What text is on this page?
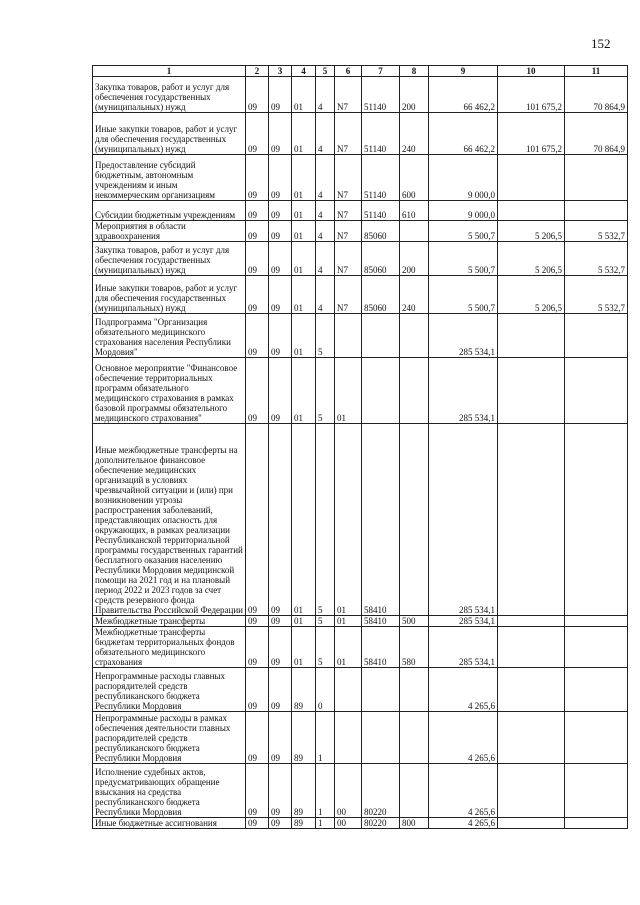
152
1	2	3	4	5	6	7	8	9	10	11
Закупка товаров, работ и услуг для обеспечения государственных (муниципальных) нужд	09	09	01	4	N7	51140	200	66 462,2	101 675,2	70 864,9
Иные закупки товаров, работ и услуг для обеспечения государственных (муниципальных) нужд	09	09	01	4	N7	51140	240	66 462,2	101 675,2	70 864,9
Предоставление субсидий бюджетным, автономным учреждениям и иным некоммерческим организациям	09	09	01	4	N7	51140	600	9 000,0		
Субсидии бюджетным учреждениям	09	09	01	4	N7	51140	610	9 000,0		
Мероприятия в области здравоохранения	09	09	01	4	N7	85060		5 500,7	5 206,5	5 532,7
Закупка товаров, работ и услуг для обеспечения государственных (муниципальных) нужд	09	09	01	4	N7	85060	200	5 500,7	5 206,5	5 532,7
Иные закупки товаров, работ и услуг для обеспечения государственных (муниципальных) нужд	09	09	01	4	N7	85060	240	5 500,7	5 206,5	5 532,7
Подпрограмма "Организация обязательного медицинского страхования населения Республики Мордовия"	09	09	01	5				285 534,1		
Основное мероприятие "Финансовое обеспечение территориальных программ обязательного медицинского страхования в рамках базовой программы обязательного медицинского страхования"	09	09	01	5	01			285 534,1		
Иные межбюджетные трансферты на дополнительное финансовое обеспечение медицинских организаций в условиях чрезвычайной ситуации и (или) при возникновении угрозы распространения заболеваний, представляющих опасность для окружающих, в рамках реализации Республиканской территориальной программы государственных гарантий бесплатного оказания населению Республики Мордовия медицинской помощи на 2021 год и на плановый период 2022 и 2023 годов за счет средств резервного фонда Правительства Российской Федерации	09	09	01	5	01	58410		285 534,1		
Межбюджетные трансферты	09	09	01	5	01	58410	500	285 534,1		
Межбюджетные трансферты бюджетам территориальных фондов обязательного медицинского страхования	09	09	01	5	01	58410	580	285 534,1		
Непрограммные расходы главных распорядителей средств республиканского бюджета Республики Мордовия	09	09	89	0				4 265,6		
Непрограммные расходы в рамках обеспечения деятельности главных распорядителей средств республиканского бюджета Республики Мордовия	09	09	89	1				4 265,6		
Исполнение судебных актов, предусматривающих обращение взыскания на средства республиканского бюджета Республики Мордовия	09	09	89	1	00	80220		4 265,6		
Иные бюджетные ассигнования	09	09	89	1	00	80220	800	4 265,6		
